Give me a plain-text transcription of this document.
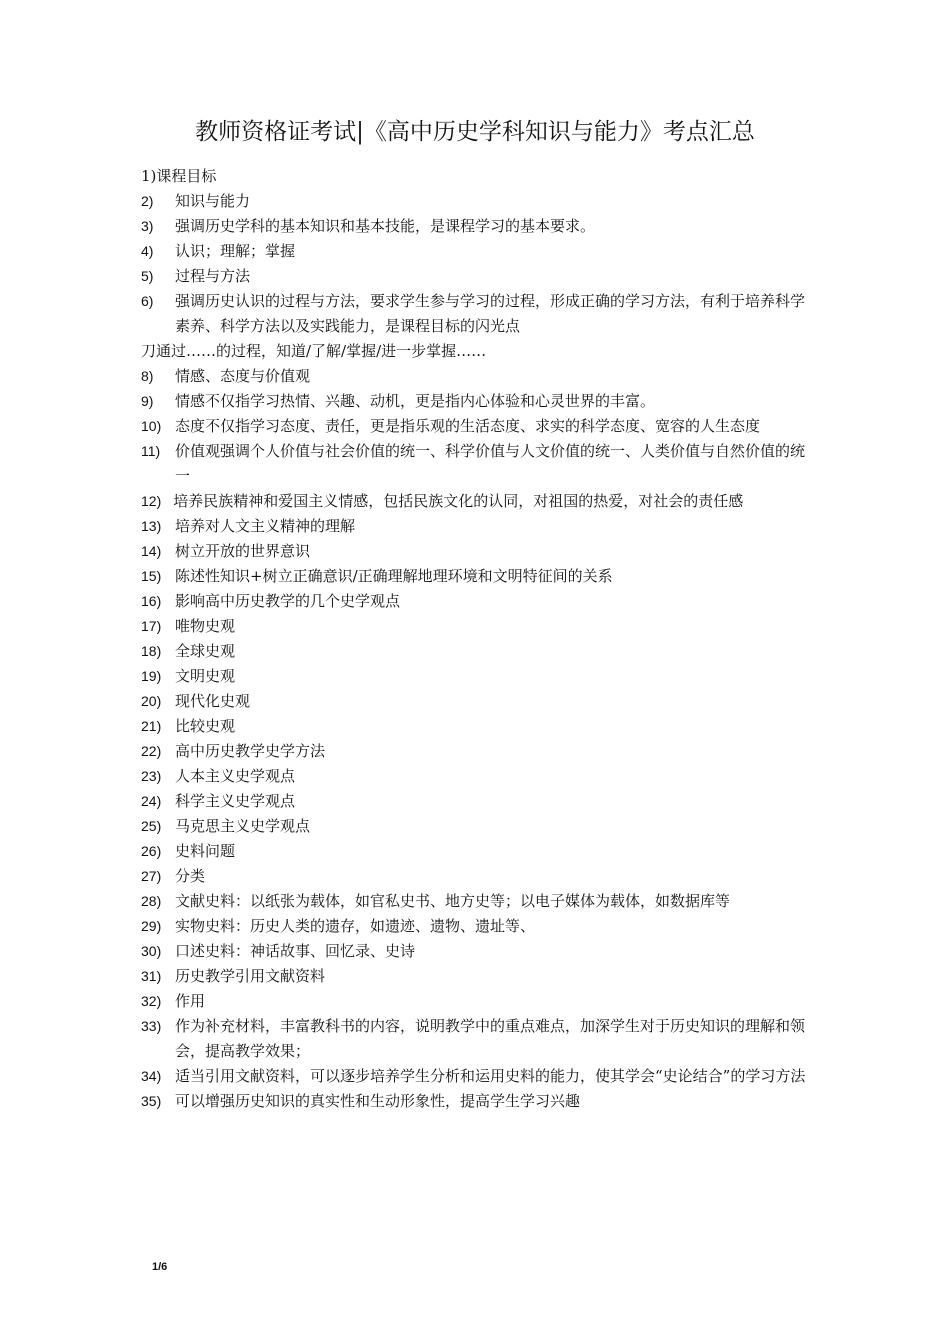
教师资格证考试|《高中历史学科知识与能力》考点汇总
1)课程目标
2)	知识与能力
3)	强调历史学科的基本知识和基本技能，是课程学习的基本要求。
4)	认识；理解；掌握
5)	过程与方法
6)	强调历史认识的过程与方法，要求学生参与学习的过程，形成正确的学习方法，有利于培养科学素养、科学方法以及实践能力，是课程目标的闪光点
刀通过……的过程，知道/了解/掌握/进一步掌握……
8)	情感、态度与价值观
9)	情感不仅指学习热情、兴趣、动机，更是指内心体验和心灵世界的丰富。
10) 态度不仅指学习态度、责任，更是指乐观的生活态度、求实的科学态度、宽容的人生态度
11) 价值观强调个人价值与社会价值的统一、科学价值与人文价值的统一、人类价值与自然价值的统一
12) 培养民族精神和爱国主义情感，包括民族文化的认同，对祖国的热爱，对社会的责任感
13) 培养对人文主义精神的理解
14) 树立开放的世界意识
15) 陈述性知识+树立正确意识/正确理解地理环境和文明特征间的关系
16) 影响高中历史教学的几个史学观点
17) 唯物史观
18) 全球史观
19) 文明史观
20) 现代化史观
21) 比较史观
22) 高中历史教学史学方法
23) 人本主义史学观点
24) 科学主义史学观点
25) 马克思主义史学观点
26) 史料问题
27) 分类
28) 文献史料：以纸张为载体，如官私史书、地方史等；以电子媒体为载体，如数据库等
29) 实物史料：历史人类的遗存，如遗迹、遗物、遗址等、
30) 口述史料：神话故事、回忆录、史诗
31) 历史教学引用文献资料
32) 作用
33) 作为补充材料，丰富教科书的内容，说明教学中的重点难点，加深学生对于历史知识的理解和领会，提高教学效果；
34) 适当引用文献资料，可以逐步培养学生分析和运用史料的能力，使其学会“史论结合”的学习方法
35) 可以增强历史知识的真实性和生动形象性，提高学生学习兴趣
1/6
